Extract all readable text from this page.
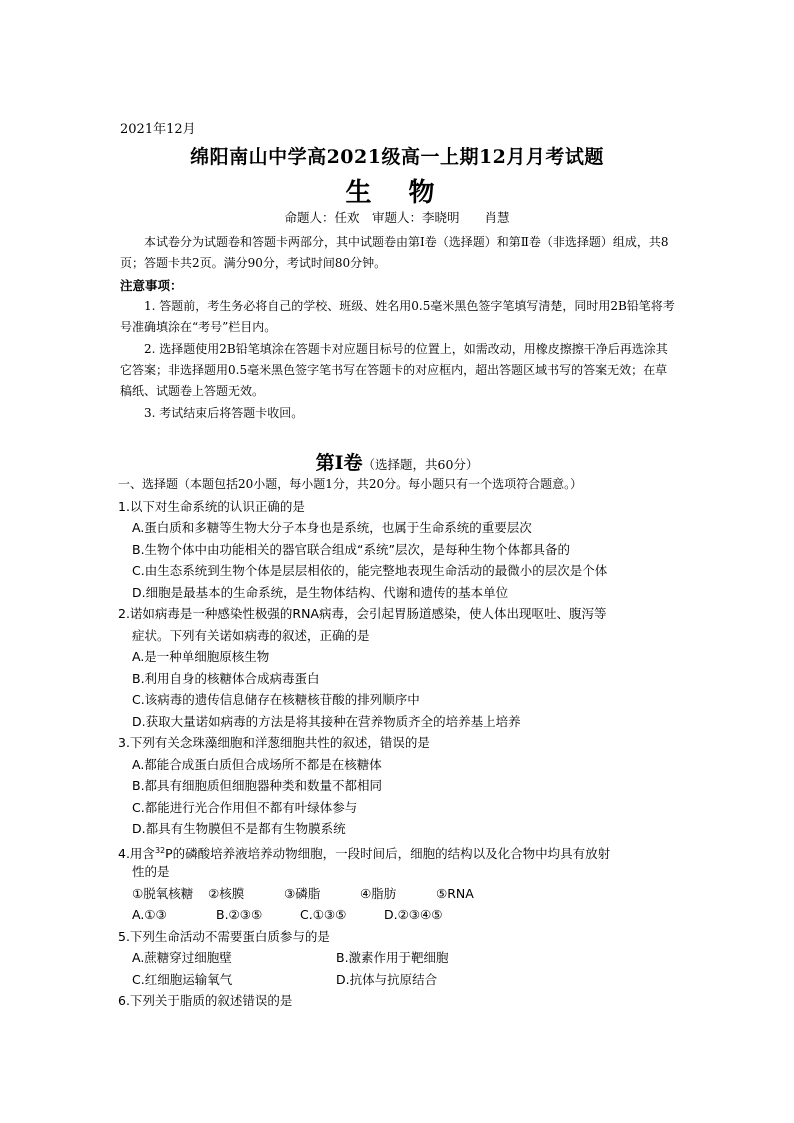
2021年12月
绵阳南山中学高2021级高一上期12月月考试题
生 物
命题人：任欢　审题人：李晓明　　肖慧
本试卷分为试题卷和答题卡两部分，其中试题卷由第Ⅰ卷（选择题）和第Ⅱ卷（非选择题）组成，共8页；答题卡共2页。满分90分，考试时间80分钟。
注意事项：
1. 答题前，考生务必将自己的学校、班级、姓名用0.5毫米黑色签字笔填写清楚，同时用2B铅笔将考号准确填涂在“考号”栏目内。
2. 选择题使用2B铅笔填涂在答题卡对应题目标号的位置上，如需改动，用橡皮擦擦干净后再选涂其它答案；非选择题用0.5毫米黑色签字笔书写在答题卡的对应框内，超出答题区域书写的答案无效；在草稿纸、试题卷上答题无效。
3. 考试结束后将答题卡收回。
第Ⅰ卷（选择题，共60分）
一、选择题（本题包括20小题，每小题1分，共20分。每小题只有一个选项符合题意。）
1.以下对生命系统的认识正确的是
A.蛋白质和多糖等生物大分子本身也是系统，也属于生命系统的重要层次
B.生物个体中由功能相关的器官联合组成“系统”层次，是每种生物个体都具备的
C.由生态系统到生物个体是层层相依的，能完整地表现生命活动的最微小的层次是个体
D.细胞是最基本的生命系统，是生物体结构、代谢和遗传的基本单位
2.诺如病毒是一种感染性极强的RNA病毒，会引起胃肠道感染，使人体出现呕吐、腹泻等
症状。下列有关诺如病毒的叙述，正确的是
A.是一种单细胞原核生物
B.利用自身的核糖体合成病毒蛋白
C.该病毒的遗传信息储存在核糖核苷酸的排列顺序中
D.获取大量诺如病毒的方法是将其接种在营养物质齐全的培养基上培养
3.下列有关念珠藻细胞和洋葱细胞共性的叙述，错误的是
A.都能合成蛋白质但合成场所不都是在核糖体
B.都具有细胞质但细胞器种类和数量不都相同
C.都能进行光合作用但不都有叶绿体参与
D.都具有生物膜但不是都有生物膜系统
4.用含$^{32}$P的磷酸培养液培养动物细胞，一段时间后，细胞的结构以及化合物中均具有放射
性的是
①脱氧核糖	②核膜	③磷脂	④脂肪	⑤RNA
A.①③	B.②③⑤	C.①③⑤	D.②③④⑤
5.下列生命活动不需要蛋白质参与的是
A.蔗糖穿过细胞壁	B.激素作用于靶细胞
C.红细胞运输氧气	D.抗体与抗原结合
6.下列关于脂质的叙述错误的是
